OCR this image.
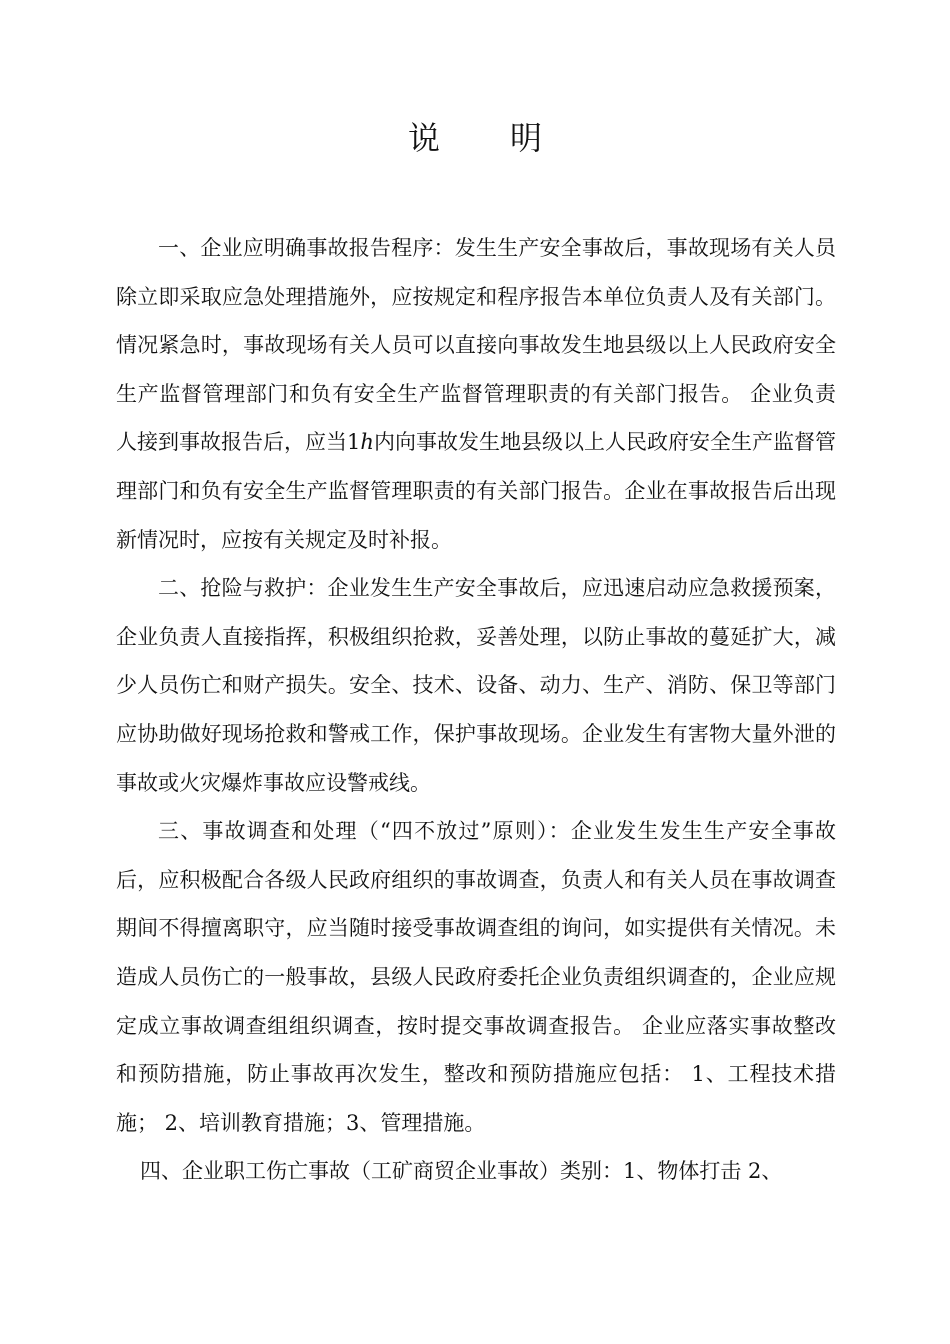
说明

一、企业应明确事故报告程序：发生生产安全事故后，事故现场有关人员除立即采取应急处理措施外，应按规定和程序报告本单位负责人及有关部门。情况紧急时，事故现场有关人员可以直接向事故发生地县级以上人民政府安全生产监督管理部门和负有安全生产监督管理职责的有关部门报告。 企业负责人接到事故报告后，应当1h内向事故发生地县级以上人民政府安全生产监督管理部门和负有安全生产监督管理职责的有关部门报告。企业在事故报告后出现新情况时，应按有关规定及时补报。

二、抢险与救护：企业发生生产安全事故后，应迅速启动应急救援预案，企业负责人直接指挥，积极组织抢救，妥善处理，以防止事故的蔓延扩大，减少人员伤亡和财产损失。安全、技术、设备、动力、生产、消防、保卫等部门应协助做好现场抢救和警戒工作，保护事故现场。企业发生有害物大量外泄的事故或火灾爆炸事故应设警戒线。

三、事故调查和处理（“四不放过”原则）：企业发生发生生产安全事故后，应积极配合各级人民政府组织的事故调查，负责人和有关人员在事故调查期间不得擅离职守，应当随时接受事故调查组的询问，如实提供有关情况。未造成人员伤亡的一般事故，县级人民政府委托企业负责组织调查的，企业应规定成立事故调查组组织调查，按时提交事故调查报告。 企业应落实事故整改和预防措施，防止事故再次发生，整改和预防措施应包括： 1、工程技术措施； 2、培训教育措施；3、管理措施。

四、企业职工伤亡事故（工矿商贸企业事故）类别：1、物体打击 2、
